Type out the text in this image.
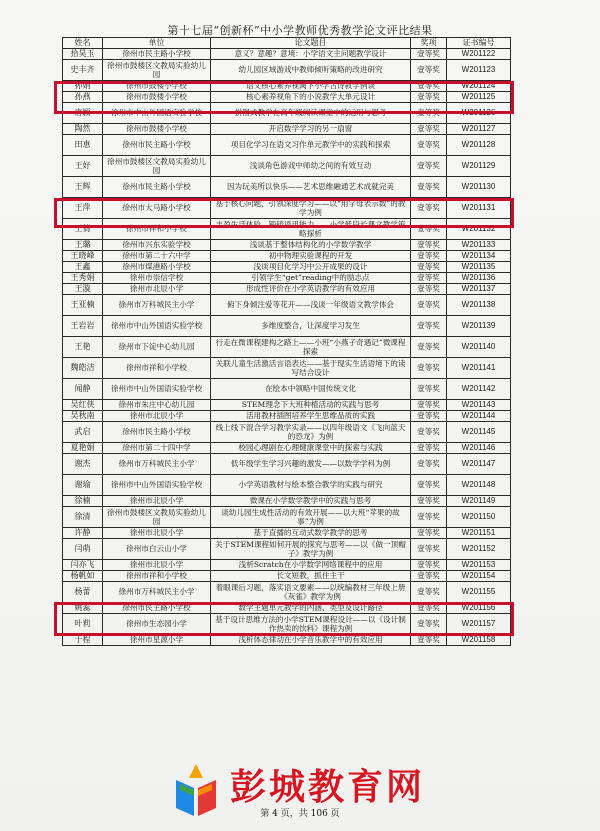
第十七届“创新杯”中小学教师优秀教学论文评比结果
姓名	单位	论文题目	奖项	证书编号
拾昊玉	徐州市民主路小学校	意义？意趣？意境：小学语文主问题教学设计	壹等奖	W201122
史丰齐	徐州市鼓楼区文教局实验幼儿园	幼儿园区域游戏中教师倾听策略的改进研究	壹等奖	W201123
孙娟	徐州市鼓楼小学校	语文核心素养视阈下小学古诗教学例谈	壹等奖	W201124
孙燕	徐州市鼓楼小学校	核心素养视角下的小说教学大单元设计	壹等奖	W201125
唐颖	徐州市中山外国语实验学校	拼图式教学在高年级阅读课堂中的运用与思考	壹等奖	W201126
陶然	徐州市鼓楼小学校	开启数学学习的另一扇窗	壹等奖	W201127
田恵	徐州市民主路小学校	项目化学习在语文习作单元教学中的实践和探索	壹等奖	W201128
王好	徐州市鼓楼区文教局实验幼儿园	浅谈角色游戏中师幼之间的有效互动	壹等奖	W201129
王辉	徐州市民主路小学校	因为玩美所以快乐——艺术思维融通艺术成就完美	壹等奖	W201130
王萍	徐州市大马路小学校	基于核心问题，引领深度学习——以“用字母表示数”的教学为例	壹等奖	W201131
王倩	徐州市祥和小学校	丰盈生活体验，锻铸语用能力——小学低段长课文教学策略探析	壹等奖	W201132
王璐	徐州市兴东实验学校	浅谈基于整体结构化的小学数学教学	壹等奖	W201133
王晓峰	徐州市第二十六中学	初中物理实验课程的开发	壹等奖	W201134
王鑫	徐州市煤港路小学校	浅谈项目化学习中公开成果的设计	壹等奖	W201135
王秀娟	徐州市崇信学校	引领学生“get”reading中的励志点	壹等奖	W201136
王漩	徐州市北辰小学	形成性评价在小学英语教学的有效应用	壹等奖	W201137
王亚楠	徐州市万科城民主小学	俯下身倾注爱等花开——浅谈一年级语文教学体会	壹等奖	W201138
王岩岩	徐州市中山外国语实验学校	多维度整合，让深度学习发生	壹等奖	W201139
王艳	徐州市下淀中心幼儿园	行走在微课程建构之路上——小班“小燕子奇遇记”微课程探索	壹等奖	W201140
魏皓洁	徐州市祥和小学校	关联儿童生活激活言语表达——基于现实生活语境下的读写结合设计	壹等奖	W201141
闻静	徐州市中山外国语实验学校	在绘本中领略中国传统文化	壹等奖	W201142
吴红侠	徐州市朱庄中心幼儿园	STEM理念下大班种植活动的实践与思考	壹等奖	W201143
吴秋南	徐州市北辰小学	活用教材插图培养学生思维品质的实践	壹等奖	W201144
武启	徐州市民主路小学校	线上线下混合学习教学实录——以四年级语文《飞向蓝天的恐龙》为例	壹等奖	W201145
夏艳娟	徐州市第二十四中学	校园心理剧在心理健康课堂中的探索与实践	壹等奖	W201146
谢杰	徐州市万科城民主小学	低年级学生学习兴趣的激发——以数学学科为例	壹等奖	W201147
谢瑜	徐州市中山外国语实验学校	小学英语教材与绘本整合教学的实践与研究	壹等奖	W201148
徐楠	徐州市北辰小学	微课在小学数学教学中的实践与思考	壹等奖	W201149
徐清	徐州市鼓楼区文教局实验幼儿园	谈幼儿园生成性活动的有效开展——以大班“苹果的故事”为例	壹等奖	W201150
许静	徐州市北辰小学	基于直播的互动式数学教学的思考	壹等奖	W201151
闫萌	徐州市白云山小学	关于STEM课程如何开展的探究与思考——以《做一顶帽子》教学为例	壹等奖	W201152
闫亦飞	徐州市北辰小学	浅析Scratch在小学数学网络课程中的应用	壹等奖	W201153
杨帆如	徐州市祥和小学校	长文短教，抓住主干	壹等奖	W201154
杨蕾	徐州市万科城民主小学	着眼课后习题，落实语文要素——以统编教材三年级上册《灰雀》教学为例	壹等奖	W201155
姚蕊	徐州市民主路小学校	数学主题单元教学的内涵、类型及设计路径	壹等奖	W201156
叶莉	徐州市生态园小学	基于设计思维方法的小学STEM课程设计——以《设计制作热卖的饮料》课程为例	壹等奖	W201157
于程	徐州市星源小学	浅析体态律动在小学音乐教学中的有效应用	壹等奖	W201158
彭城教育网
第 4 页，共 106 页
